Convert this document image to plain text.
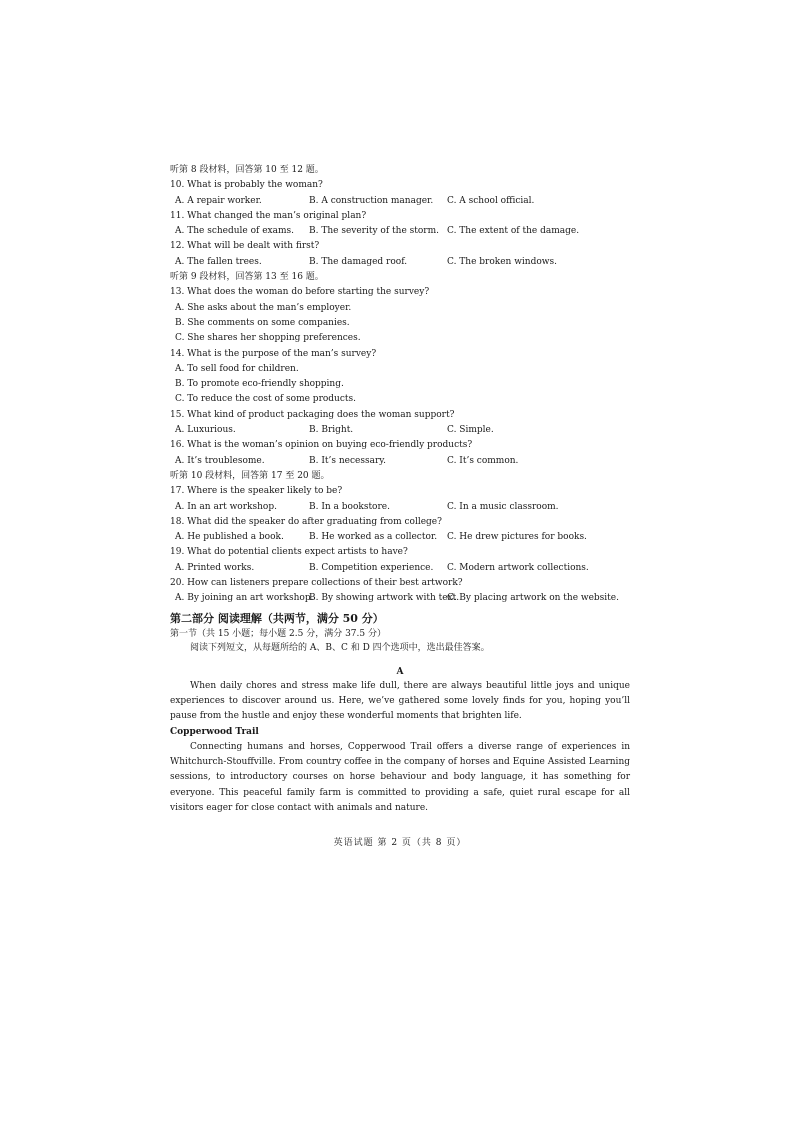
听第 8 段材料，回答第 10 至 12 题。
10. What is probably the woman?
A. A repair worker.	B. A construction manager.	C. A school official.
11. What changed the man’s original plan?
A. The schedule of exams.	B. The severity of the storm. C. The extent of the damage.
12. What will be dealt with first?
A. The fallen trees.	B. The damaged roof.	C. The broken windows.
听第 9 段材料，回答第 13 至 16 题。
13. What does the woman do before starting the survey?
A. She asks about the man’s employer.
B. She comments on some companies.
C. She shares her shopping preferences.
14. What is the purpose of the man’s survey?
A. To sell food for children.
B. To promote eco-friendly shopping.
C. To reduce the cost of some products.
15. What kind of product packaging does the woman support?
A. Luxurious.	B. Bright.	C. Simple.
16. What is the woman’s opinion on buying eco-friendly products?
A. It’s troublesome.	B. It’s necessary.	C. It’s common.
听第 10 段材料，回答第 17 至 20 题。
17. Where is the speaker likely to be?
A. In an art workshop.	B. In a bookstore.	C. In a music classroom.
18. What did the speaker do after graduating from college?
A. He published a book.	B. He worked as a collector.	C. He drew pictures for books.
19. What do potential clients expect artists to have?
A. Printed works.	B. Competition experience.	C. Modern artwork collections.
20. How can listeners prepare collections of their best artwork?
A. By joining an art workshop.
B. By showing artwork with text.
C. By placing artwork on the website.
第二部分 阅读理解（共两节，满分 50 分）
第一节（共 15 小题；每小题 2.5 分，满分 37.5 分）
阅读下列短文，从每题所给的 A、B、C 和 D 四个选项中，选出最佳答案。
A

When daily chores and stress make life dull, there are always beautiful little joys and unique experiences to discover around us. Here, we’ve gathered some lovely finds for you, hoping you’ll pause from the hustle and enjoy these wonderful moments that brighten life.

Copperwood Trail

Connecting humans and horses, Copperwood Trail offers a diverse range of experiences in Whitchurch-Stouffville. From country coffee in the company of horses and Equine Assisted Learning sessions, to introductory courses on horse behaviour and body language, it has something for everyone. This peaceful family farm is committed to providing a safe, quiet rural escape for all visitors eager for close contact with animals and nature.

英语试题 第 2 页（共 8 页）
